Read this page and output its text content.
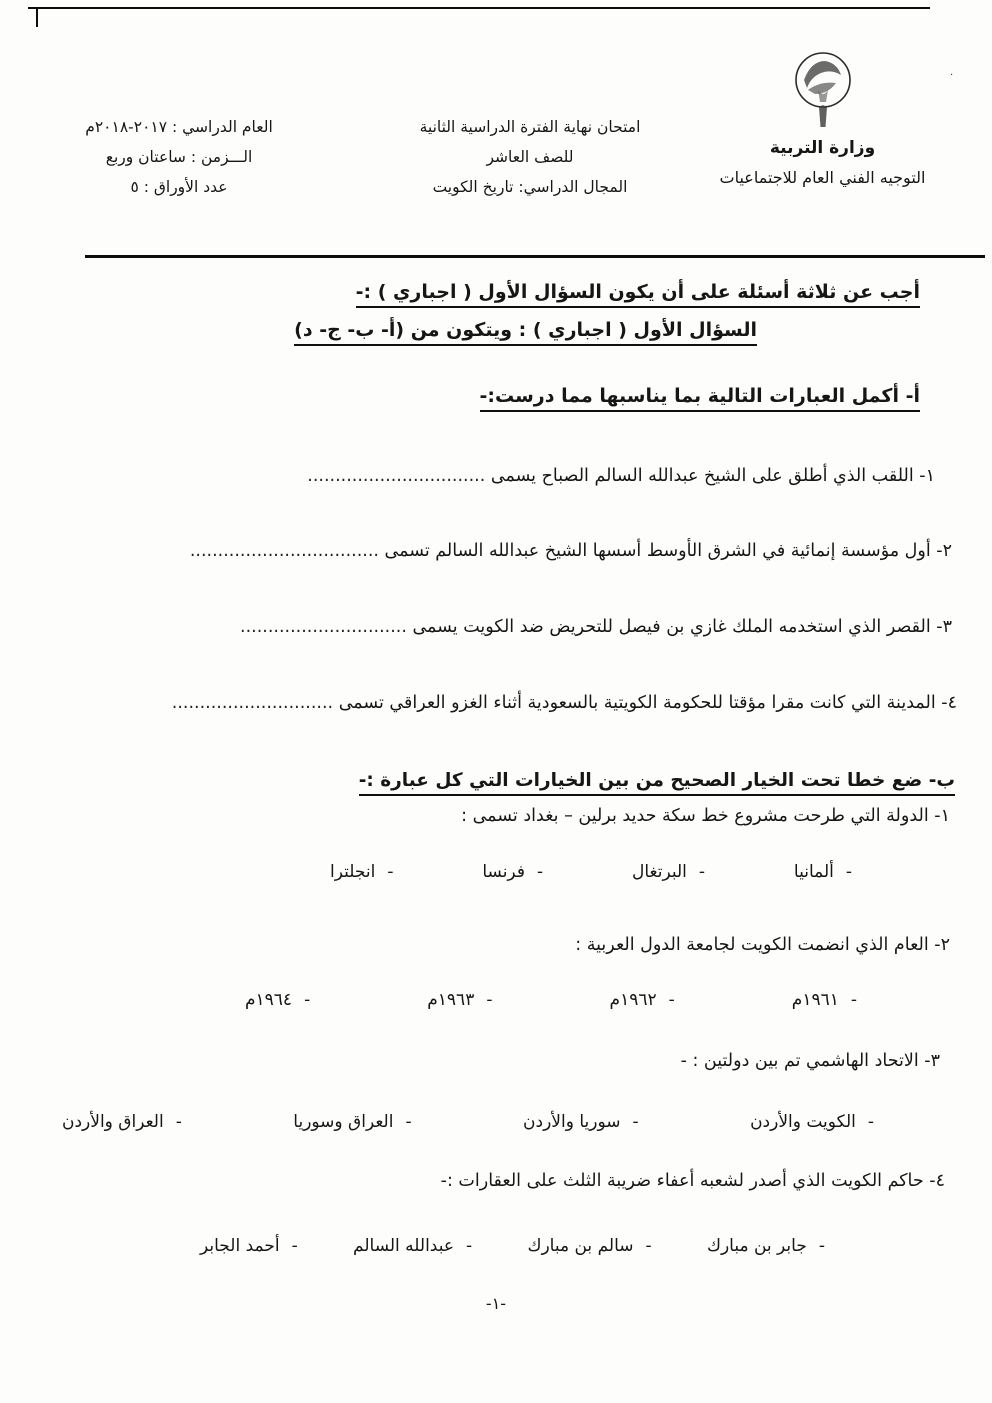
·
وزارة التربية
التوجيه الفني العام للاجتماعيات
امتحان نهاية الفترة الدراسية الثانية
للصف العاشر
المجال الدراسي: تاريخ الكويت
العام الدراسي : ٢٠١٧-٢٠١٨م
الـــزمن : ساعتان وربع
عدد الأوراق : ٥
أجب عن ثلاثة أسئلة على أن يكون السؤال الأول ( اجباري ) :-
السؤال الأول ( اجباري ) : ويتكون من (أ- ب- ج- د)
أ- أكمل العبارات التالية بما يناسبها مما درست:-
١- اللقب الذي أطلق على الشيخ عبدالله السالم الصباح يسمى ................................
٢- أول مؤسسة إنمائية في الشرق الأوسط أسسها الشيخ عبدالله السالم تسمى ..................................
٣- القصر الذي استخدمه الملك غازي بن فيصل للتحريض ضد الكويت يسمى ..............................
٤- المدينة التي كانت مقرا مؤقتا للحكومة الكويتية بالسعودية أثناء الغزو العراقي تسمى .............................
ب- ضع خطا تحت الخيار الصحيح من بين الخيارات التي كل عبارة :-
١- الدولة التي طرحت مشروع خط سكة حديد برلين – بغداد تسمى :
-
ألمانيا
-
البرتغال
-
فرنسا
-
انجلترا
٢- العام الذي انضمت الكويت لجامعة الدول العربية :
-
١٩٦١م
-
١٩٦٢م
-
١٩٦٣م
-
١٩٦٤م
٣- الاتحاد الهاشمي تم بين دولتين : -
-
الكويت والأردن
-
سوريا والأردن
-
العراق وسوريا
-
العراق والأردن
٤- حاكم الكويت الذي أصدر لشعبه أعفاء ضريبة الثلث على العقارات :-
-
جابر بن مبارك
-
سالم بن مبارك
-
عبدالله السالم
-
أحمد الجابر
-١-
